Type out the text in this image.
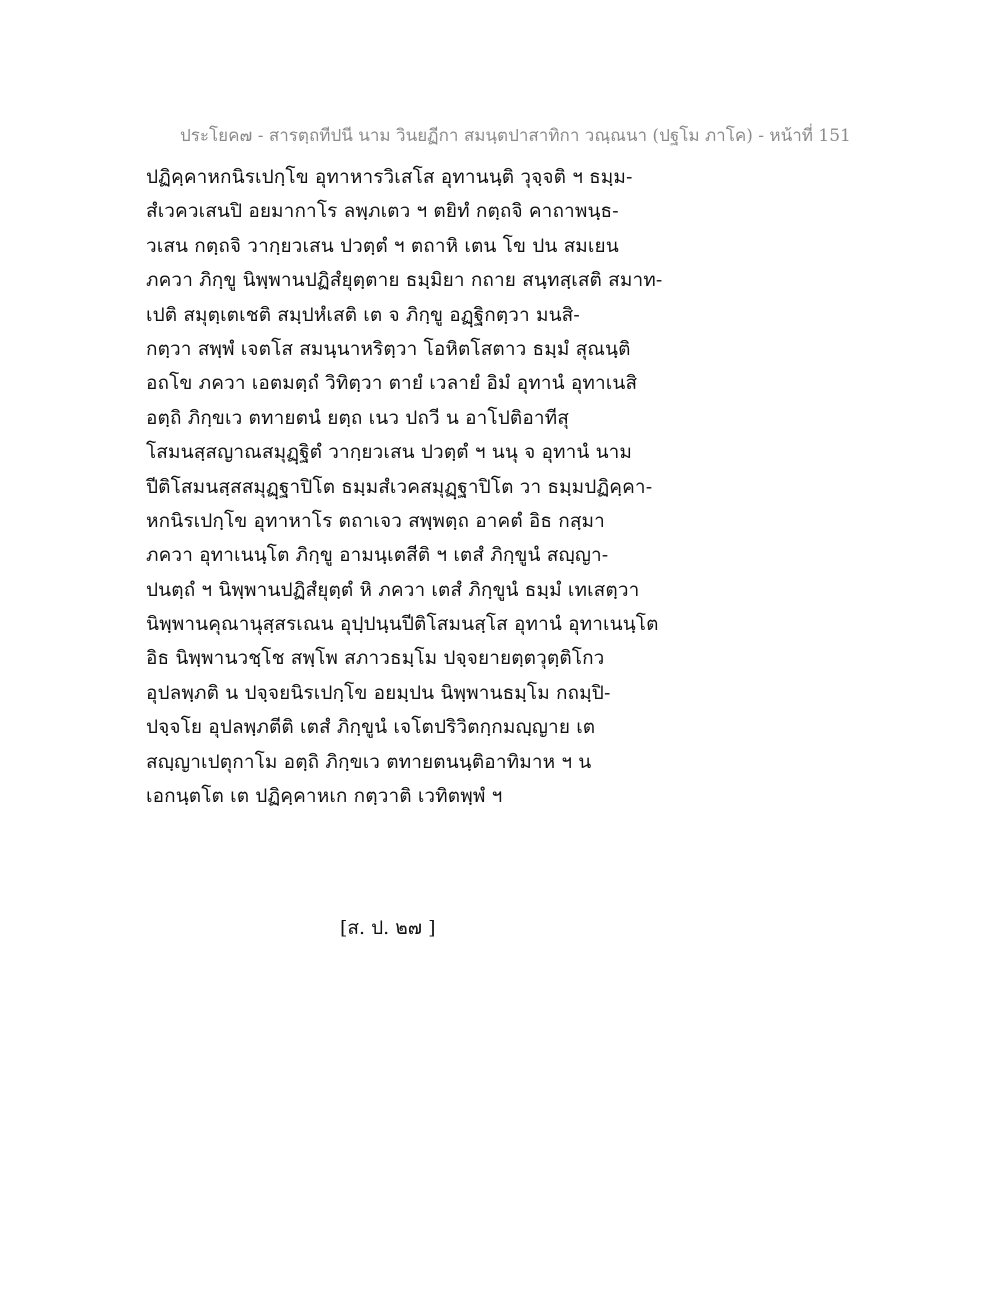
ประโยค๗ - สารตฺถทีปนี นาม วินยฏีกา สมนฺตปาสาทิกา วณฺณนา (ปฐโม ภาโค) - หน้าที่ 151
ปฏิคฺคาหกนิรเปกฺโข อุทาหารวิเสโส อุทานนฺติ วุจฺจติ ฯ ธมฺม-
สํเวควเสนปิ อยมากาโร ลพฺภเตว ฯ ตยิทํ กตฺถจิ คาถาพนฺธ-
วเสน กตฺถจิ วากฺยวเสน ปวตฺตํ ฯ ตถาหิ เตน โข ปน สมเยน
ภควา ภิกฺขู นิพฺพานปฏิสํยุตฺตาย ธมฺมิยา กถาย สนฺทสฺเสติ สมาท-
เปติ สมุตฺเตเชติ สมฺปหํเสติ เต จ ภิกฺขู อฏฺฐิกตฺวา มนสิ-
กตฺวา สพฺพํ เจตโส สมนฺนาหริตฺวา โอหิตโสตาว ธมฺมํ สุณนฺติ
อถโข ภควา เอตมตฺถํ วิทิตฺวา ตายํ เวลายํ อิมํ อุทานํ อุทาเนสิ
อตฺถิ ภิกฺขเว ตทายตนํ ยตฺถ เนว ปถวี น อาโปติอาทีสุ
โสมนสฺสญาณสมุฏฺฐิตํ วากฺยวเสน ปวตฺตํ ฯ นนุ จ อุทานํ นาม
ปีติโสมนสฺสสมุฏฺฐาปิโต ธมฺมสํเวคสมุฏฺฐาปิโต วา ธมฺมปฏิคฺคา-
หกนิรเปกฺโข อุทาหาโร ตถาเจว สพฺพตฺถ อาคตํ อิธ กสฺมา
ภควา อุทาเนนฺโต ภิกฺขู อามนฺเตสีติ ฯ เตสํ ภิกฺขูนํ สญฺญา-
ปนตฺถํ ฯ นิพฺพานปฏิสํยุตฺตํ หิ ภควา เตสํ ภิกฺขูนํ ธมฺมํ เทเสตฺวา
นิพฺพานคุณานุสฺสรเณน อุปฺปนฺนปีติโสมนสฺโส อุทานํ อุทาเนนฺโต
อิธ นิพฺพานวชฺโช สพฺโพ สภาวธมฺโม ปจฺจยายตฺตวุตฺติโกว
อุปลพฺภติ น ปจฺจยนิรเปกฺโข อยมฺปน นิพฺพานธมฺโม กถมฺปิ-
ปจฺจโย อุปลพฺภตีติ เตสํ ภิกฺขูนํ เจโตปริวิตกฺกมญฺญาย เต
สญฺญาเปตุกาโม อตฺถิ ภิกฺขเว ตทายตนนฺติอาทิมาห ฯ น
เอกนฺตโต เต ปฏิคฺคาหเก กตฺวาติ เวทิตพฺพํ ฯ
[ส. ป. ๒๗ ]
